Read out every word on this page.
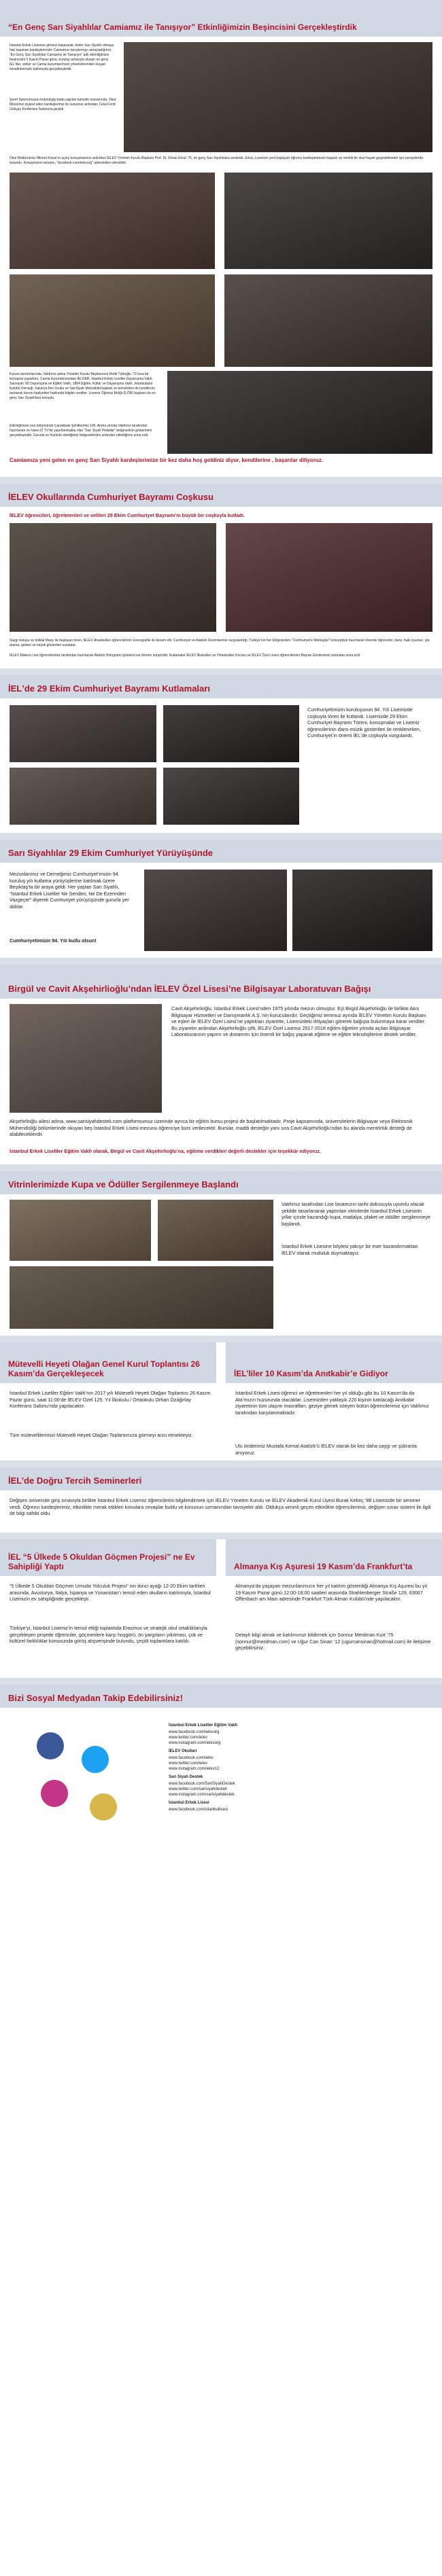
“En Genç Sarı Siyahlılar Camiamız ile Tanışıyor” Etkinliğimizin Beşincisini Gerçekleştirdik
İstanbul Erkek Lisemize girmeyi başararak, bizler Sarı Siyahlı olmaya hak kazanan kardeşlerimizle Camiamızı tanıştırmayı amaçladığımız “En Genç Sarı Siyahlılar Camiamız ile Tanışıyor” adlı etkinliğimizin beşincisini 5 Kasım Pazar günü, kuruluş amacıyla oluşan en genç İELʼliler, veliler ve Camia kurumlarımızın yöneticilerinden oluşan misafirlerimizle katılımıyla gerçekleştirdik.
Şeref Salonumuzun bulunduğu katta yapılan kahvaltı sonrasında, Okul Müzemizi ziyaret eden kardeşlerimiz ile sunumun ardından Celal Ferdi Gökçay Konferans Salonuna geçildi.
Okul Müdürümüz Hikmet Konarʼın açılış konuşmasının ardından İELEV Yönetim Kurulu Başkanı Prof. Dr. Erhan Erkut ‘75, en genç Sarı Siyahlılara seslendi. Erkut, Lisemize yeni başlayan öğrenci kardeşlerimizin başarılı ve verimli bir okul hayatı geçirebilmeleri için tavsiyelerde bulundu. Konuşmanın tamamı, “facebook.com/ielevorg” adresinden izlenebilir.
Kurum tanıtımlarında, Vakfımız adına Yönetim Kurulu Başkanımız Refik Türkoğlu ‘72 kısa bir konuşma yaparken, Camia kurumlarımızdan İELDER, İstanbul Erkek Liseliler Dayanışma Vakfı, Sarısiyah ‘65 Dayanışma ve Eğitim Vakfı, 1884 Eğitim, Kültür ve Dayanışma Vakfı, İstanbulspor Kulübü Derneği, Sakarya İleri Grubu ve SarıSiyah Motosiklet başkan ve temsilcileri de kendilerini tanıtarak kurum faaliyetleri hakkında bilgiler verdiler. Lisemiz Öğrenci Birliği (İLÖB) başkanı da en genç Sarı Siyahlılara konuştu.
Etkinliğimizin son bölümünde Çanakkale Şehitlerimiz 100. Anma yılında Vakfımız tarafından hazırlanan ve halen İZ TVʼde yayınlanmakta olan “Sarı Siyah Pedallar” belgeselinin gösterimini gerçekleştirdik. Gururla ve hüzünle izlediğimiz belgeselimizin ardından etkinliğimiz sona erdi.
Camiamıza yeni gelen en genç Sarı Siyahlı kardeşlerimize bir kez daha hoş geldiniz diyor, kendilerine , başarılar diliyoruz.
İELEV Okullarında Cumhuriyet Bayramı Coşkusu
İELEV öğrencileri, öğretmenleri ve velileri 29 Ekim Cumhuriyet Bayramıʼnı büyük bir coşkuyla kutladı.
Saygı duruşu ve İstiklal Marşı ile başlayan tören, İELEV Anaokulları öğrencilerinin koreografisi ile devam etti. Cumhuriyet ve Atatürk Devrimlerinin vurgulandığı, Türkiyeʼnin her bölgesinden “Cumhuriyetʼe Mektuplar” konseptiyle hazırlanan törende öğrenciler, dans, halk oyunları, şiir, drama, gösteri ve müzik gösterileri sundular.
İELEV Makers Lise öğrencilerimiz tarafından hazırlanan Atatürk Hologramı gösterisi ise törenin sürprizidir. Kutlamalar İELEV İlkokulları ve Ortaokulları Korosu ve İELEV Özel Lisesi öğrencilerinin Bayrak Gösterisinin ardından sona erdi.
İELʼde 29 Ekim Cumhuriyet Bayramı Kutlamaları
Cumhuriyetimizin kuruluşunun 94. Yılı Lisemizde coşkuyla tören ile kutlandı. Lisemizde 29 Ekim Cumhuriyet Bayramı Töreni, konuşmalar ve Lisemiz öğrencilerinin dans-müzik gösterileri ile renklenirken, Cumhuriyetʼin önemi İELʼde coşkuyla vurgulandı.
Sarı Siyahlılar 29 Ekim Cumhuriyet Yürüyüşünde
Mezunlarımız ve Derneğimiz Cumhuriyet’imizin 94. kuruluş yılı kutlama yürüyüşlerine katılmak üzere Beşiktaş’ta bir araya geldi. Her yaştan Sarı Siyahlı, “İstanbul Erkek Liseliler Ne Senden, Ne De Ezerinden Vazgeçer” diyerek Cumhuriyet yürüyüşünde gururla yer aldılar.
Cumhuriyetimizin 94. Yılı kutlu olsun!
Birgül ve Cavit Akşehirlioğlu’ndan İELEV Özel Lisesi’ne Bilgisayar Laboratuvarı Bağışı
Cavit Akşehirlioğlu, İstanbul Erkek Lisesi’nden 1975 yılında mezun olmuştur. Eşi Birgül Akşehirlioğlu ile birlikte Akıs Bilgisayar Hizmetleri ve Danışmanlık A.Ş.’nin kurucularıdır. Geçtiğimiz temmuz ayında İELEV Yönetim Kurulu Başkanı ve eşleri ile İELEV Özel Lisesi’ne yaptıkları ziyarette, Lisemizdeki ihtiyaçları görerek bağışta bulunmaya karar verdiler. Bu ziyaretin ardından Akşehirlioğlu çifti, İELEV Özel Lisemiz 2017-2018 eğitim-öğretim yılında açılan Bilgisayar Laboratuvarının yapımı ve donanımı için önemli bir bağış yaparak eğitime ve eğitim teknolojilerine destek verdiler.
Akşehirlioğlu ailesi adına, www.sarisiyahdestek.com platformumuz üzerinde ayrıca bir eğitim bursu projesi de başlatılmaktadır. Proje kapsamında, üniversitelerin Bilgisayar veya Elektronik Mühendisliği bölümlerinde okuyan beş İstanbul Erkek Lisesi mezunu öğrenciye burs verilecektir. Burslar, maddi desteğin yanı sıra Cavit Akşehirlioğlu’ndan bu alanda mentörlük desteği de alabileceklerdir.
İstanbul Erkek Liseliler Eğitim Vakfı olarak, Birgül ve Cavit Akşehirlioğlu’na, eğitime verdikleri değerli destekler için teşekkür ediyoruz.
Vitrinlerimizde Kupa ve Ödüller Sergilenmeye Başlandı
Vakfımız tarafından Lise binamızın tarihi dokusuyla uyumlu olacak şekilde tasarlanarak yaptırılan vitrinlerde İstanbul Erkek Lisesinin yıllar içinde kazandığı kupa, madalya, plaket ve ödüller sergilenmeye başlandı.
İstanbul Erkek Lisesine böylesi yakışır bir eser kazandırmaktan İELEV olarak mutluluk duymaktayız.
Mütevelli Heyeti Olağan Genel Kurul Toplantısı 26 Kasım’da Gerçekleşecek	İEL’liler 10 Kasım’da Anıtkabir’e Gidiyor
İstanbul Erkek Liseliler Eğitim Vakfı’nın 2017 yılı Mütevelli Heyeti Olağan Toplantısı 26 Kasım Pazar günü, saat 11:00’de İELEV Özel 125. Yıl İlkokulu / Ortaokulu Orhan Özağırlay Konferans Salonu’nda yapılacaktır.
Tüm mütevellilerimizi Mütevelli Heyeti Olağan Toplantımıza görmeyi arzu etmekteyiz.
İstanbul Erkek Lisesi öğrenci ve öğretmenleri her yıl olduğu gibi bu 10 Kasım’da da Ata’mızın huzurunda olacaklar. Lisemizden yaklaşık 220 kişinin katılacağı Anıtkabir ziyaretinin tüm ulaşım masrafları, geziye gitmek isteyen bütün öğrencilerimiz için Vakfımız tarafından karşılanmaktadır.
Ulu önderimiz Mustafa Kemal Atatürk’ü İELEV olarak bir kez daha saygı ve şükranla anıyoruz.
İEL’de Doğru Tercih Seminerleri
Değişen üniversite giriş sınavıyla birlikte İstanbul Erkek Lisemiz öğrencilerini bilgilendirmek için İELEV Yönetim Kurulu ve İELEV Akademik Kurul Üyesi Burak Kekeç ‘88 Lisemizde bir seminer verdi. Öğrenci kardeşlerimiz, etkinlikte merak ettikleri konulara cevaplar buldu ve konunun uzmanından tavsiyeler aldı. Oldukça verimli geçen etkinlikte öğrencilerimiz, değişen sınav sistemi ile ilgili de bilgi sahibi oldu.
İEL “5 Ülkede 5 Okuldan Göçmen Projesi” ne Ev Sahipliği Yaptı	Almanya Kış Aşuresi 19 Kasım’da Frankfurt’ta
“5 Ülkede 5 Okuldan Göçmen Umuda Yolculuk Projesi” nin ikinci ayağı 12-20 Ekim tarihleri arasında, Avusturya, İtalya, İspanya ve Yunanistan’ı temsil eden okulların katılımıyla, İstanbul Lisemizin ev sahipliğinde gerçekleşti.
Türkiye’yi, İstanbul Lisemiz’in temsil ettiği toplantıda Erasmus ve stratejik okul ortaklıklarıyla gerçekleşen projede öğrenciler, göçmenlere karşı hoşgörü, ön yargıların yıkılması, çok ve kültürel farklılıklar konusunda görüş alışverişinde bulundu, çeşitli toplantılara katıldı.
Almanya’da yaşayan mezunlarımızın her yıl katılım gösterdiği Almanya Kış Aşuresi bu yıl 19 Kasım Pazar günü 12:00-18:00 saatleri arasında Strahlenberger Straße 129, 63067 Offenbach am Main adresinde Frankfurt Türk-Alman Kulübü’nde yapılacaktır.
Detaylı bilgi almak ve katılımınızı bildirmek için Sonnur Merdman Kurt ‘75 (sonnur@merdman.com) ve Uğur Can Sinan ’12 (ugurcansinan@hotmail.com) ile iletişime geçebilirsiniz.
Bizi Sosyal Medyadan Takip Edebilirsiniz!
İstanbul Erkek Liseliler Eğitim Vakfı
www.facebook.com/ielevorg
www.twitter.com/ielev
www.instagram.com/ielevorg
İELEV Okulları
www.facebook.com/ielev
www.twitter.com/ielev
www.instagram.com/ielev12
Sarı Siyah Destek
www.facebook.com/SariSiyahDestek
www.twitter.com/sarisiyahdestek
www.instagram.com/sarisiyahdestek
İstanbul Erkek Lisesi
www.facebook.com/istanbullisesi
